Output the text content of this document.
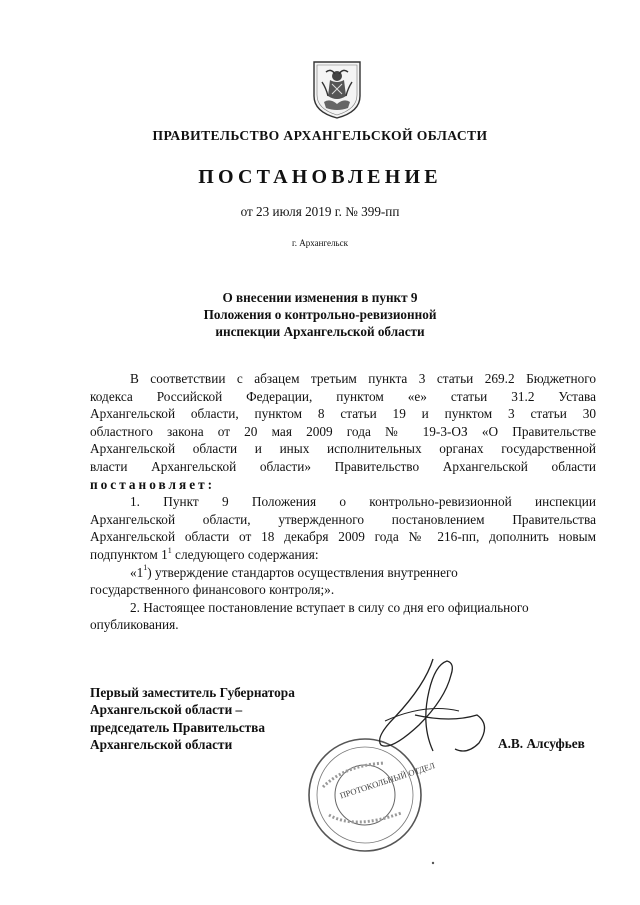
ПРАВИТЕЛЬСТВО АРХАНГЕЛЬСКОЙ ОБЛАСТИ
ПОСТАНОВЛЕНИЕ
от 23 июля 2019 г. № 399-пп
г. Архангельск
О внесении изменения в пункт 9
Положения о контрольно-ревизионной
инспекции Архангельской области
В соответствии с абзацем третьим пункта 3 статьи 269.2 Бюджетного
кодекса Российской Федерации, пунктом «е» статьи 31.2 Устава
Архангельской области, пунктом 8 статьи 19 и пунктом 3 статьи 30
областного закона от 20 мая 2009 года № 19-3-ОЗ «О Правительстве
Архангельской области и иных исполнительных органах государственной
власти Архангельской области» Правительство Архангельской области
постановляет:
1. Пункт 9 Положения о контрольно-ревизионной инспекции
Архангельской области, утвержденного постановлением Правительства
Архангельской области от 18 декабря 2009 года № 216-пп, дополнить новым
подпунктом $1^1$ следующего содержания:
«$1^1$) утверждение стандартов осуществления внутреннего
государственного финансового контроля;».
2. Настоящее постановление вступает в силу со дня его официального
опубликования.
ПРОТОКОЛЬНЫЙ ОТДЕЛ
Первый заместитель Губернатора
Архангельской области –
председатель Правительства
Архангельской области	А.В. Алсуфьев
